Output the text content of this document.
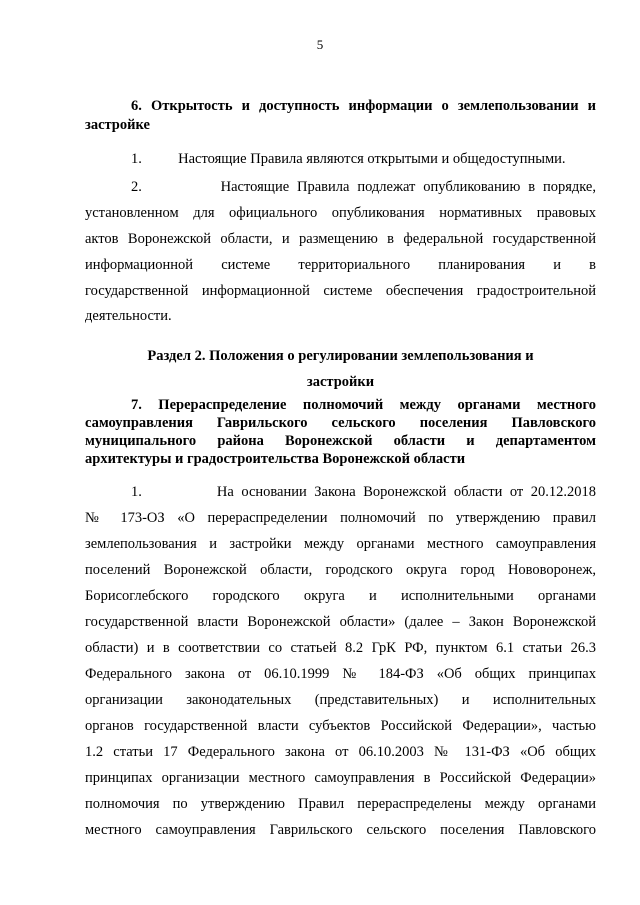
5
6. Открытость и доступность информации о землепользовании и
застройке
1.          Настоящие Правила являются открытыми и общедоступными.
2.          Настоящие Правила подлежат опубликованию в порядке,
установленном для официального опубликования нормативных правовых
актов Воронежской области, и размещению в федеральной государственной
информационной системе территориального планирования и в
государственной информационной системе обеспечения градостроительной
деятельности.
Раздел 2. Положения о регулировании землепользования и
застройки
7. Перераспределение полномочий между органами местного
самоуправления Гаврильского сельского поселения Павловского
муниципального района Воронежской области и департаментом
архитектуры и градостроительства Воронежской области
1.          На основании Закона Воронежской области от 20.12.2018
№ 173-ОЗ «О перераспределении полномочий по утверждению правил
землепользования и застройки между органами местного самоуправления
поселений Воронежской области, городского округа город Нововоронеж,
Борисоглебского городского округа и исполнительными органами
государственной власти Воронежской области» (далее – Закон Воронежской
области) и в соответствии со статьей 8.2 ГрК РФ, пунктом 6.1 статьи 26.3
Федерального закона от 06.10.1999 № 184-ФЗ «Об общих принципах
организации законодательных (представительных) и исполнительных
органов государственной власти субъектов Российской Федерации», частью
1.2 статьи 17 Федерального закона от 06.10.2003 № 131-ФЗ «Об общих
принципах организации местного самоуправления в Российской Федерации»
полномочия по утверждению Правил перераспределены между органами
местного самоуправления Гаврильского сельского поселения Павловского
